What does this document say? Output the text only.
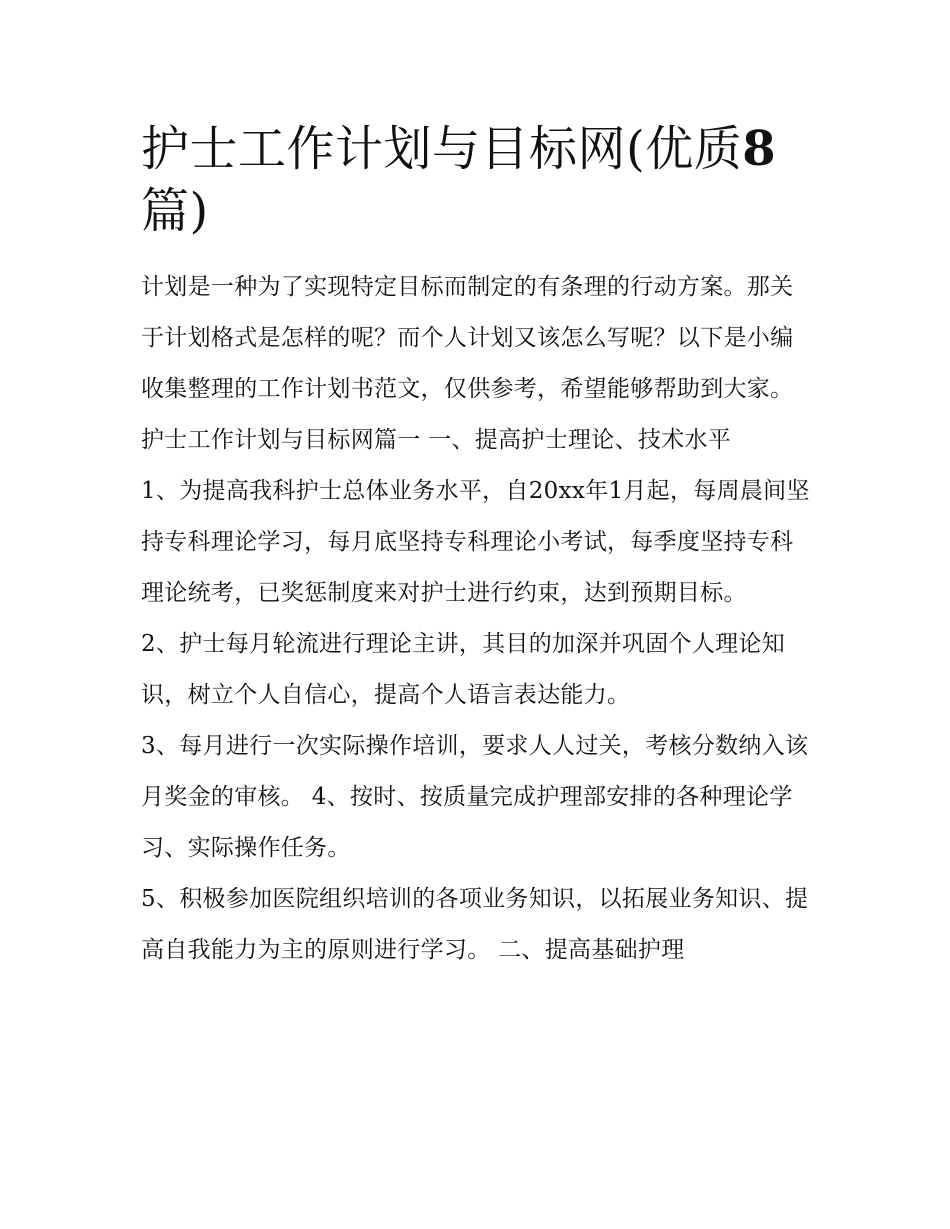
护士工作计划与目标网(优质8
篇)

计划是一种为了实现特定目标而制定的有条理的行动方案。那关于计划格式是怎样的呢？而个人计划又该怎么写呢？以下是小编收集整理的工作计划书范文，仅供参考，希望能够帮助到大家。

护士工作计划与目标网篇一 一、提高护士理论、技术水平

1、为提高我科护士总体业务水平，自20xx年1月起，每周晨间坚持专科理论学习，每月底坚持专科理论小考试，每季度坚持专科理论统考，已奖惩制度来对护士进行约束，达到预期目标。

2、护士每月轮流进行理论主讲，其目的加深并巩固个人理论知识，树立个人自信心，提高个人语言表达能力。

3、每月进行一次实际操作培训，要求人人过关，考核分数纳入该月奖金的审核。 4、按时、按质量完成护理部安排的各种理论学习、实际操作任务。

5、积极参加医院组织培训的各项业务知识，以拓展业务知识、提高自我能力为主的原则进行学习。 二、提高基础护理
